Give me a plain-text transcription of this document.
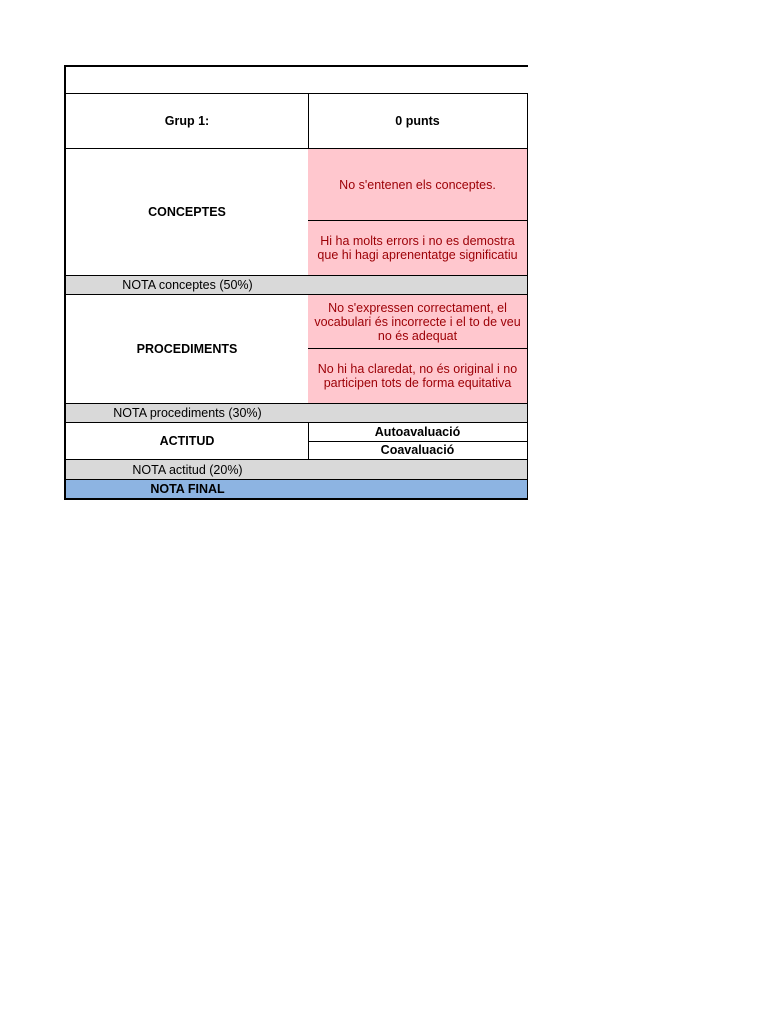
Grup 1:	0 punts
CONCEPTES
No s'entenen els conceptes.
Hi ha molts errors i no es demostra que hi hagi aprenentatge significatiu
NOTA conceptes (50%)
PROCEDIMENTS
No s'expressen correctament, el vocabulari és incorrecte i el to de veu no és adequat
No hi ha claredat, no és original i no participen tots de forma equitativa
NOTA procediments (30%)
ACTITUD
Autoavaluació
Coavaluació
NOTA actitud (20%)
NOTA FINAL
